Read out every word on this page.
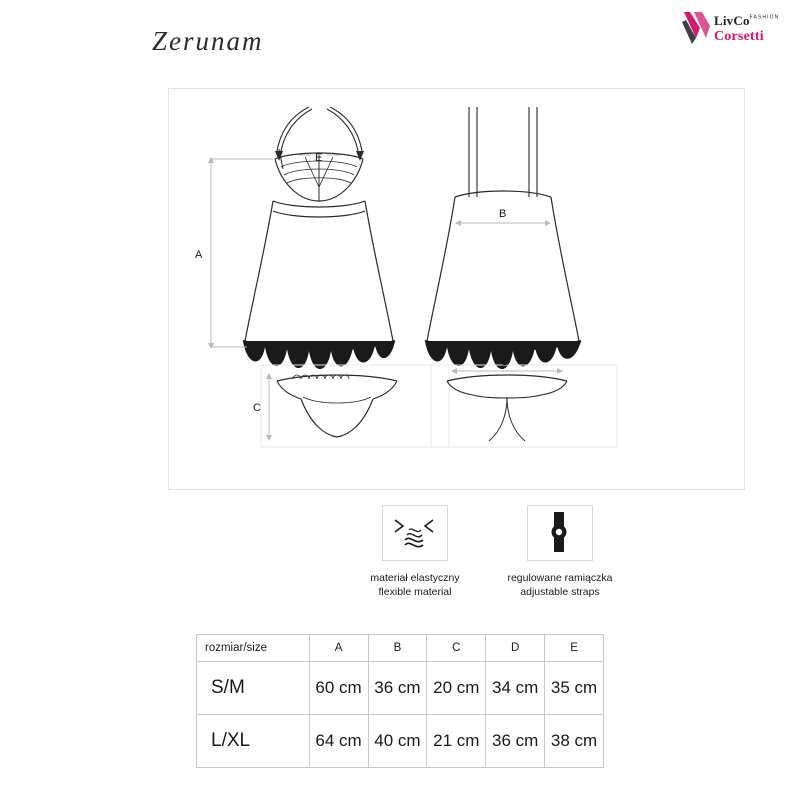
LivCo$^{FASHION}$
Corsetti
Zerunam
A
E
B
C
D
materiał elastyczny
flexible material
regulowane ramiączka
adjustable straps
rozmiar/size	A	B	C	D	E
S/M	60 cm	36 cm	20 cm	34 cm	35 cm
L/XL	64 cm	40 cm	21 cm	36 cm	38 cm
